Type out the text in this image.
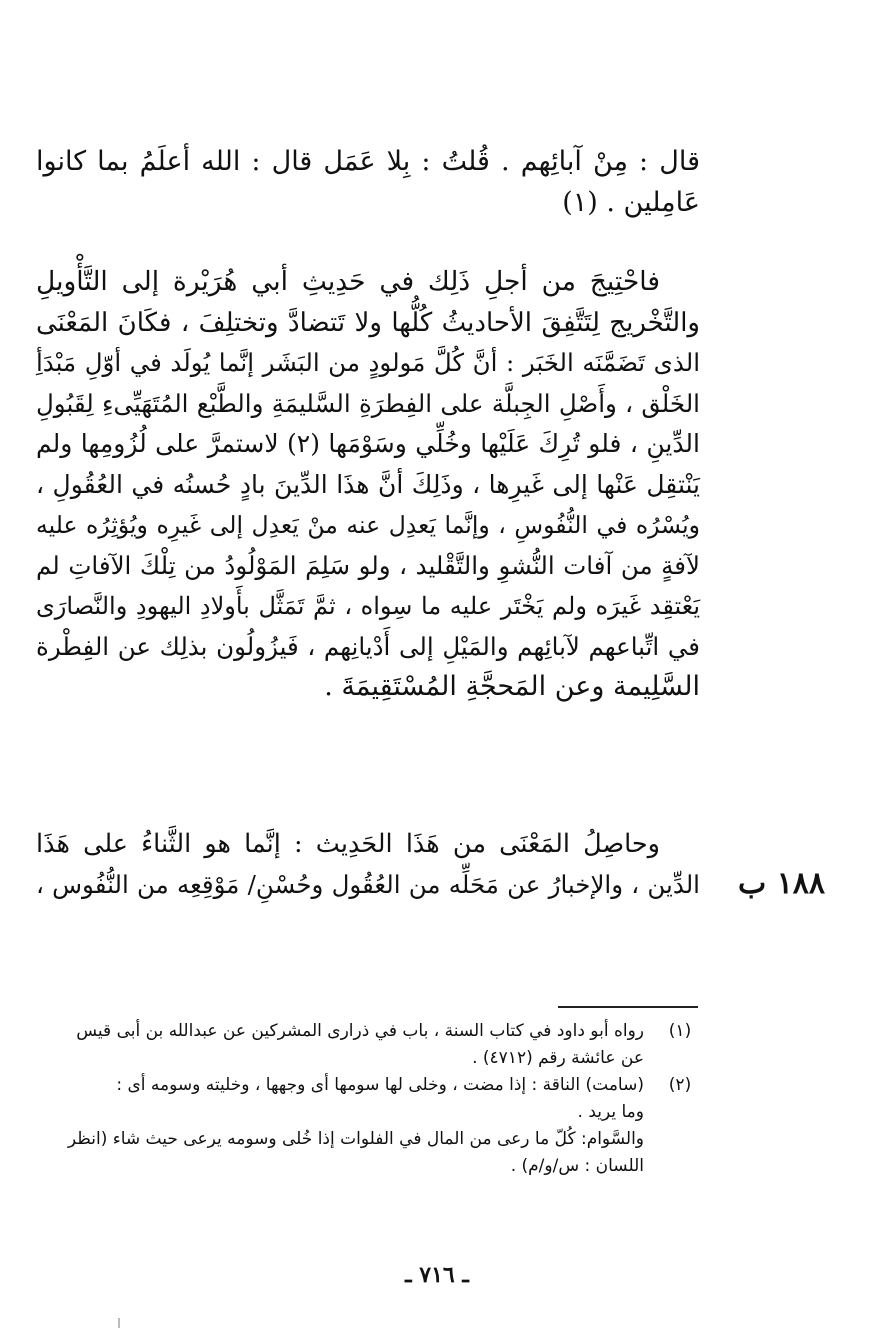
قال : مِنْ آبائِهم . قُلتُ : بِلا عَمَل قال : الله أعلَمُ بما كانوا
عَامِلين . (١)
فاحْتِيجَ من أجلِ ذَلِك في حَدِيثِ أبي هُرَيْرة إلى التَّأْويلِ
والتَّخْريج لِتَتَّفِقَ الأحاديثُ كُلُّها ولا تَتضادَّ وتختلِفَ ، فكَانَ المَعْنَى
الذى تَضَمَّنَه الخَبَر : أنَّ كُلَّ مَولودٍ من البَشَر إنَّما يُولَد في أوّلِ مَبْدَأِ
الخَلْق ، وأَصْلِ الجِبلَّة على الفِطرَةِ السَّليمَةِ والطَّبْع المُتَهَيِّىءِ لِقَبُولِ
الدِّينِ ، فلو تُرِكَ عَلَيْها وخُلِّي وسَوْمَها (٢) لاستمرَّ على لُزُومِها ولم
يَنْتقِل عَنْها إلى غَيرِها ، وذَلِكَ أنَّ هذَا الدِّينَ بادٍ حُسنُه في العُقُولِ ،
ويُسْرُه في النُّفُوسِ ، وإنَّما يَعدِل عنه منْ يَعدِل إلى غَيرِه ويُؤثِرُه عليه
لآفةٍ من آفات النُّشوِ والتَّقْليد ، ولو سَلِمَ المَوْلُودُ من تِلْكَ الآفاتِ لم
يَعْتقِد غَيرَه ولم يَخْتَر عليه ما سِواه ، ثمَّ تَمَثَّل بأَولادِ اليهودِ والنَّصارَى
في اتِّباعهم لآبائِهم والمَيْلِ إلى أَدْيانِهم ، فَيزُولُون بذلِك عن الفِطْرة
السَّلِيمة وعن المَحجَّةِ المُسْتَقِيمَةَ .
وحاصِلُ المَعْنَى من هَذَا الحَدِيث : إنَّما هو الثَّناءُ على هَذَا
الدِّين ، والإخبارُ عن مَحَلِّه من العُقُول وحُسْنِ/ مَوْقِعِه من النُّفُوس ، ١٨٨ ب
(١)
رواه أبو داود في كتاب السنة ، باب في ذرارى المشركين عن عبدالله بن أبى قيس
عن عائشة رقم (٤٧١٢) .
(٢)
(سامت) الناقة : إذا مضت ، وخلى لها سومها أى وجهها ، وخليته وسومه أى :
وما يريد .
والسَّوام: كُلّ ما رعى من المال في الفلوات إذا خُلى وسومه يرعى حيث شاء (انظر
اللسان : س/و/م) .
ـ ٧١٦ ـ
